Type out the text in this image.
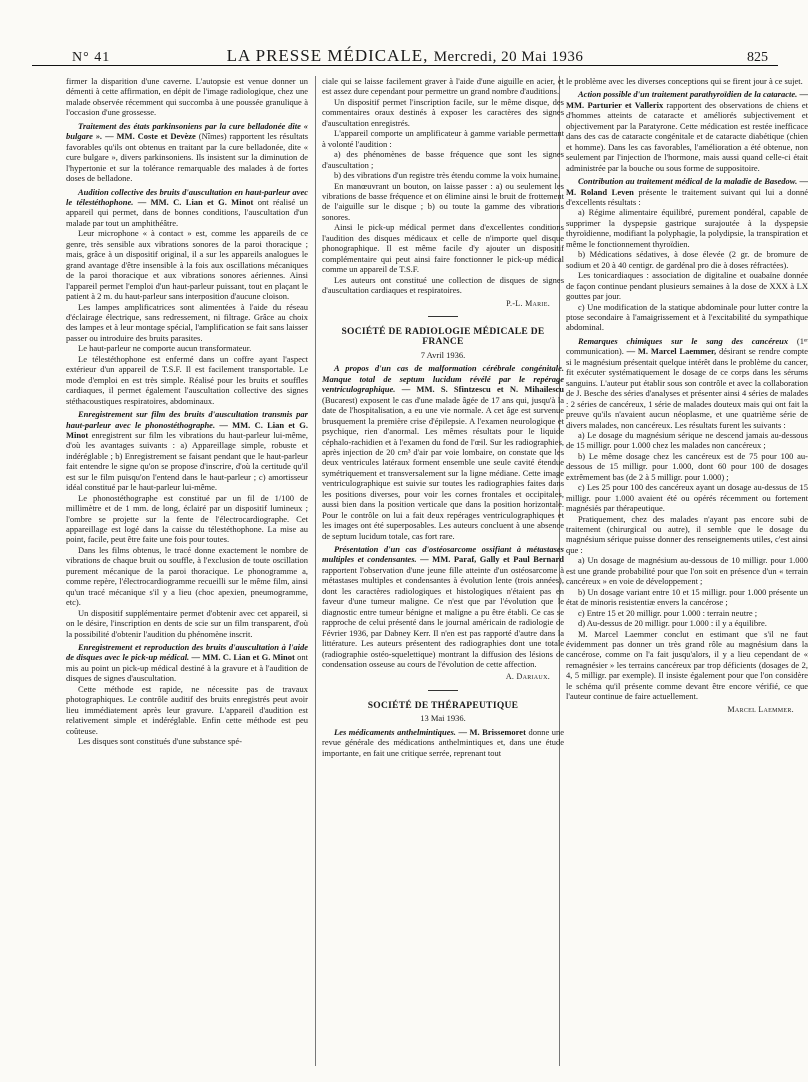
N° 41	LA PRESSE MÉDICALE, Mercredi, 20 Mai 1936	825

firmer la disparition d'une caverne. L'autopsie est venue donner un démenti à cette affirmation, en dépit de l'image radiologique, chez une malade observée récemment qui succomba à une poussée granulique à l'occasion d'une grossesse.

Traitement des états parkinsoniens par la cure belladonée dite « bulgare ». — MM. Coste et Devèze (Nîmes) rapportent les résultats favorables qu'ils ont obtenus en traitant par la cure belladonée, dite « cure bulgare », divers parkinsoniens. Ils insistent sur la diminution de l'hypertonie et sur la tolérance remarquable des malades à de fortes doses de belladone.

Audition collective des bruits d'auscultation en haut-parleur avec le télestéthophone. — MM. C. Lian et G. Minot ont réalisé un appareil qui permet, dans de bonnes conditions, l'auscultation d'un malade par tout un amphithéâtre.

Leur microphone « à contact » est, comme les appareils de ce genre, très sensible aux vibrations sonores de la paroi thoracique ; mais, grâce à un dispositif original, il a sur les appareils analogues le grand avantage d'être insensible à la fois aux oscillations mécaniques de la paroi thoracique et aux vibrations sonores aériennes. Ainsi l'appareil permet l'emploi d'un haut-parleur puissant, tout en plaçant le patient à 2 m. du haut-parleur sans interposition d'aucune cloison.

Les lampes amplificatrices sont alimentées à l'aide du réseau d'éclairage électrique, sans redressement, ni filtrage. Grâce au choix des lampes et à leur montage spécial, l'amplification se fait sans laisser passer ou introduire des bruits parasites.

Le haut-parleur ne comporte aucun transformateur.

Le télestéthophone est enfermé dans un coffre ayant l'aspect extérieur d'un appareil de T.S.F. Il est facilement transportable. Le mode d'emploi en est très simple. Réalisé pour les bruits et souffles cardiaques, il permet également l'auscultation collective des signes stéthacoustiques respiratoires, abdominaux.

Enregistrement sur film des bruits d'auscultation transmis par haut-parleur avec le phonostéthographe. — MM. C. Lian et G. Minot enregistrent sur film les vibrations du haut-parleur lui-même, d'où les avantages suivants : a) Appareillage simple, robuste et indéréglable ; b) Enregistrement se faisant pendant que le haut-parleur fait entendre le signe qu'on se propose d'inscrire, d'où la certitude qu'il est sur le film puisqu'on l'entend dans le haut-parleur ; c) amortisseur idéal constitué par le haut-parleur lui-même.

Le phonostéthographe est constitué par un fil de 1/100 de millimètre et de 1 mm. de long, éclairé par un dispositif lumineux ; l'ombre se projette sur la fente de l'électrocardiographe. Cet appareillage est logé dans la caisse du télestéthophone. La mise au point, facile, peut être faite une fois pour toutes.

Dans les films obtenus, le tracé donne exactement le nombre de vibrations de chaque bruit ou souffle, à l'exclusion de toute oscillation purement mécanique de la paroi thoracique. Le phonogramme a, comme repère, l'électrocardiogramme recueilli sur le même film, ainsi qu'un tracé mécanique s'il y a lieu (choc apexien, pneumogramme, etc).

Un dispositif supplémentaire permet d'obtenir avec cet appareil, si on le désire, l'inscription en dents de scie sur un film transparent, d'où la possibilité d'obtenir l'audition du phénomène inscrit.

Enregistrement et reproduction des bruits d'auscultation à l'aide de disques avec le pick-up médical. — MM. C. Lian et G. Minot ont mis au point un pick-up médical destiné à la gravure et à l'audition de disques de signes d'auscultation.

Cette méthode est rapide, ne nécessite pas de travaux photographiques. Le contrôle auditif des bruits enregistrés peut avoir lieu immédiatement après leur gravure. L'appareil d'audition est relativement simple et indéréglable. Enfin cette méthode est peu coûteuse.

Les disques sont constitués d'une substance spé-

ciale qui se laisse facilement graver à l'aide d'une aiguille en acier, et est assez dure cependant pour permettre un grand nombre d'auditions.

Un dispositif permet l'inscription facile, sur le même disque, des commentaires oraux destinés à exposer les caractères des signes d'auscultation enregistrés.

L'appareil comporte un amplificateur à gamme variable permettant à volonté l'audition :

a) des phénomènes de basse fréquence que sont les signes d'auscultation ;

b) des vibrations d'un registre très étendu comme la voix humaine.

En manœuvrant un bouton, on laisse passer : a) ou seulement les vibrations de basse fréquence et on élimine ainsi le bruit de frottement de l'aiguille sur le disque ; b) ou toute la gamme des vibrations sonores.

Ainsi le pick-up médical permet dans d'excellentes conditions l'audition des disques médicaux et celle de n'importe quel disque phonographique. Il est même facile d'y ajouter un dispositif complémentaire qui peut ainsi faire fonctionner le pick-up médical comme un appareil de T.S.F.

Les auteurs ont constitué une collection de disques de signes d'auscultation cardiaques et respiratoires.

P.-L. Marie.
SOCIÉTÉ DE RADIOLOGIE MÉDICALE DE FRANCE
7 Avril 1936.

A propos d'un cas de malformation cérébrale congénitale. Manque total de septum lucidum révélé par le repérage ventriculographique. — MM. S. Sfintzescu et N. Mihailescu (Bucarest) exposent le cas d'une malade âgée de 17 ans qui, jusqu'à la date de l'hospitalisation, a eu une vie normale. A cet âge est survenue brusquement la première crise d'épilepsie. A l'examen neurologique et psychique, rien d'anormal. Les mêmes résultats pour le liquide céphalo-rachidien et à l'examen du fond de l'œil. Sur les radiographies, après injection de 20 cm³ d'air par voie lombaire, on constate que les deux ventricules latéraux forment ensemble une seule cavité étendue symétriquement et transversalement sur la ligne médiane. Cette image ventriculographique est suivie sur toutes les radiographies faites dans les positions diverses, pour voir les cornes frontales et occipitales, aussi bien dans la position verticale que dans la position horizontale. Pour le contrôle on lui a fait deux repérages ventriculographiques et les images ont été superposables. Les auteurs concluent à une absence de septum lucidum totale, cas fort rare.

Présentation d'un cas d'ostéosarcome ossifiant à métastases multiples et condensantes. — MM. Paraf, Gally et Paul Bernard rapportent l'observation d'une jeune fille atteinte d'un ostéosarcome à métastases multiples et condensantes à évolution lente (trois années), dont les caractères radiologiques et histologiques n'étaient pas en faveur d'une tumeur maligne. Ce n'est que par l'évolution que le diagnostic entre tumeur bénigne et maligne a pu être établi. Ce cas se rapproche de celui présenté dans le journal américain de radiologie de Février 1936, par Dabney Kerr. Il n'en est pas rapporté d'autre dans la littérature. Les auteurs présentent des radiographies dont une totale (radiographie ostéo-squelettique) montrant la diffusion des lésions de condensation osseuse au cours de l'évolution de cette affection.

A. Dariaux.
SOCIÉTÉ DE THÉRAPEUTIQUE
13 Mai 1936.

Les médicaments anthelmintiques. — M. Brissemoret donne une revue générale des médications anthelmintiques et, dans une étude importante, en fait une critique serrée, reprenant tout

le problème avec les diverses conceptions qui se firent jour à ce sujet.

Action possible d'un traitement parathyroïdien de la cataracte. — MM. Parturier et Vallerix rapportent des observations de chiens et d'hommes atteints de cataracte et améliorés subjectivement et objectivement par la Paratyrone. Cette médication est restée inefficace dans des cas de cataracte congénitale et de cataracte diabétique (chien et homme). Dans les cas favorables, l'amélioration a été obtenue, non seulement par l'injection de l'hormone, mais aussi quand celle-ci était administrée par la bouche ou sous forme de suppositoire.

Contribution au traitement médical de la maladie de Basedow. — M. Roland Leven présente le traitement suivant qui lui a donné d'excellents résultats :

a) Régime alimentaire équilibré, purement pondéral, capable de supprimer la dyspepsie gastrique surajoutée à la dyspepsie thyroïdienne, modifiant la polyphagie, la polydipsie, la transpiration et même le fonctionnement thyroïdien.

b) Médications sédatives, à dose élevée (2 gr. de bromure de sodium et 20 à 40 centigr. de gardénal pro die à doses réfractées).

Les tonicardiaques : association de digitaline et ouabaïne donnée de façon continue pendant plusieurs semaines à la dose de XXX à LX gouttes par jour.

c) Une modification de la statique abdominale pour lutter contre la ptose secondaire à l'amaigrissement et à l'excitabilité du sympathique abdominal.

Remarques chimiques sur le sang des cancéreux (1ᵉʳ communication). — M. Marcel Laemmer, désirant se rendre compte si le magnésium présentait quelque intérêt dans le problème du cancer, fit exécuter systématiquement le dosage de ce corps dans les sérums sanguins. L'auteur put établir sous son contrôle et avec la collaboration de J. Besche des séries d'analyses et présenter ainsi 4 séries de malades : 2 séries de cancéreux, 1 série de malades douteux mais qui ont fait la preuve qu'ils n'avaient aucun néoplasme, et une quatrième série de divers malades, non cancéreux. Les résultats furent les suivants :

a) Le dosage du magnésium sérique ne descend jamais au-dessous de 15 milligr. pour 1.000 chez les malades non cancéreux ;

b) Le même dosage chez les cancéreux est de 75 pour 100 au-dessous de 15 milligr. pour 1.000, dont 60 pour 100 de dosages extrêmement bas (de 2 à 5 milligr. pour 1.000) ;

c) Les 25 pour 100 des cancéreux ayant un dosage au-dessus de 15 milligr. pour 1.000 avaient été ou opérés récemment ou fortement magnésiés par thérapeutique.

Pratiquement, chez des malades n'ayant pas encore subi de traitement (chirurgical ou autre), il semble que le dosage du magnésium sérique puisse donner des renseignements utiles, c'est ainsi que :

a) Un dosage de magnésium au-dessous de 10 milligr. pour 1.000 est une grande probabilité pour que l'on soit en présence d'un « terrain cancéreux » en voie de développement ;

b) Un dosage variant entre 10 et 15 milligr. pour 1.000 présente un état de minoris resistentiæ envers la cancérose ;

c) Entre 15 et 20 milligr. pour 1.000 : terrain neutre ;

d) Au-dessus de 20 milligr. pour 1.000 : il y a équilibre.

M. Marcel Laemmer conclut en estimant que s'il ne faut évidemment pas donner un très grand rôle au magnésium dans la cancérose, comme on l'a fait jusqu'alors, il y a lieu cependant de « remagnésier » les terrains cancéreux par trop déficients (dosages de 2, 4, 5 milligr. par exemple). Il insiste également pour que l'on considère le schéma qu'il présente comme devant être encore vérifié, ce que l'auteur continue de faire actuellement.

Marcel Laemmer.
